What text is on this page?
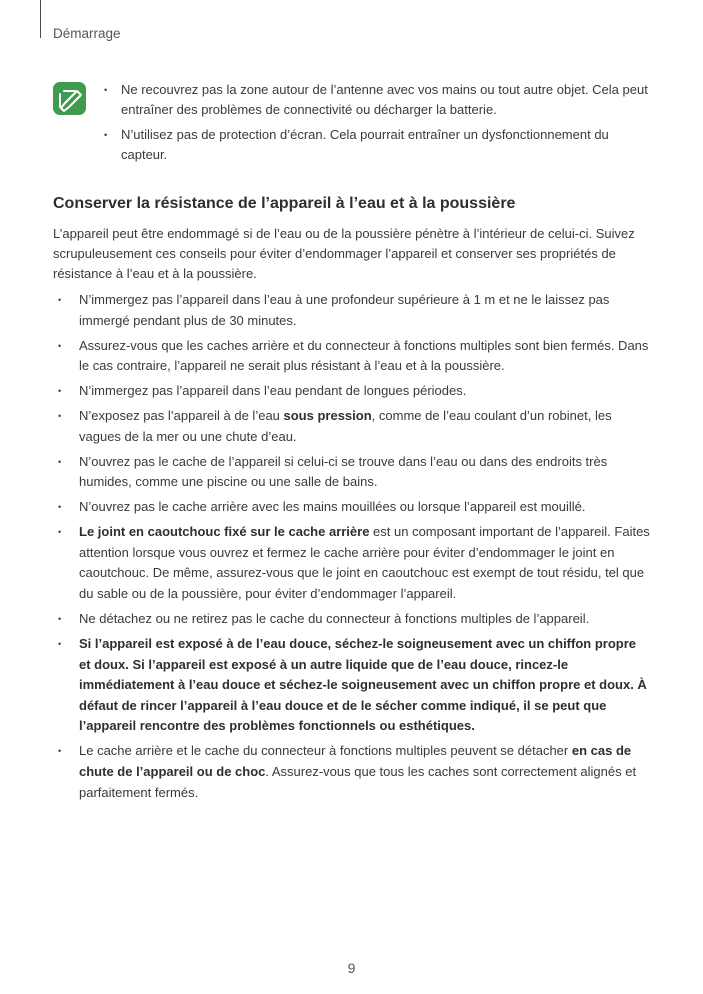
Démarrage
• Ne recouvrez pas la zone autour de l’antenne avec vos mains ou tout autre objet. Cela peut entraîner des problèmes de connectivité ou décharger la batterie.
• N’utilisez pas de protection d’écran. Cela pourrait entraîner un dysfonctionnement du capteur.
Conserver la résistance de l’appareil à l’eau et à la poussière

L’appareil peut être endommagé si de l’eau ou de la poussière pénètre à l’intérieur de celui-ci. Suivez scrupuleusement ces conseils pour éviter d’endommager l’appareil et conserver ses propriétés de résistance à l’eau et à la poussière.

• N’immergez pas l’appareil dans l’eau à une profondeur supérieure à 1 m et ne le laissez pas immergé pendant plus de 30 minutes.
• Assurez-vous que les caches arrière et du connecteur à fonctions multiples sont bien fermés. Dans le cas contraire, l’appareil ne serait plus résistant à l’eau et à la poussière.
• N’immergez pas l’appareil dans l’eau pendant de longues périodes.
• N’exposez pas l’appareil à de l’eau sous pression, comme de l’eau coulant d’un robinet, les vagues de la mer ou une chute d’eau.
• N’ouvrez pas le cache de l’appareil si celui-ci se trouve dans l’eau ou dans des endroits très humides, comme une piscine ou une salle de bains.
• N’ouvrez pas le cache arrière avec les mains mouillées ou lorsque l’appareil est mouillé.
• Le joint en caoutchouc fixé sur le cache arrière est un composant important de l’appareil. Faites attention lorsque vous ouvrez et fermez le cache arrière pour éviter d’endommager le joint en caoutchouc. De même, assurez-vous que le joint en caoutchouc est exempt de tout résidu, tel que du sable ou de la poussière, pour éviter d’endommager l’appareil.
• Ne détachez ou ne retirez pas le cache du connecteur à fonctions multiples de l’appareil.
• Si l’appareil est exposé à de l’eau douce, séchez-le soigneusement avec un chiffon propre et doux. Si l’appareil est exposé à un autre liquide que de l’eau douce, rincez-le immédiatement à l’eau douce et séchez-le soigneusement avec un chiffon propre et doux. À défaut de rincer l’appareil à l’eau douce et de le sécher comme indiqué, il se peut que l’appareil rencontre des problèmes fonctionnels ou esthétiques.
• Le cache arrière et le cache du connecteur à fonctions multiples peuvent se détacher en cas de chute de l’appareil ou de choc. Assurez-vous que tous les caches sont correctement alignés et parfaitement fermés.
9
